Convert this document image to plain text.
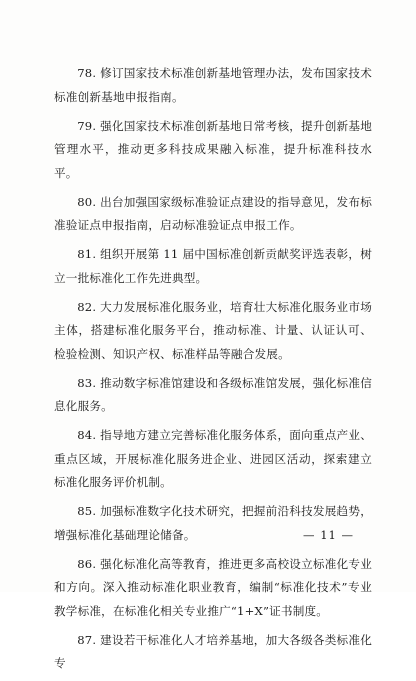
78. 修订国家技术标准创新基地管理办法，发布国家技术标准创新基地申报指南。

79. 强化国家技术标准创新基地日常考核，提升创新基地管理水平，推动更多科技成果融入标准，提升标准科技水平。

80. 出台加强国家级标准验证点建设的指导意见，发布标准验证点申报指南，启动标准验证点申报工作。

81. 组织开展第 11 届中国标准创新贡献奖评选表彰，树立一批标准化工作先进典型。

82. 大力发展标准化服务业，培育壮大标准化服务业市场主体，搭建标准化服务平台，推动标准、计量、认证认可、检验检测、知识产权、标准样品等融合发展。

83. 推动数字标准馆建设和各级标准馆发展，强化标准信息化服务。

84. 指导地方建立完善标准化服务体系，面向重点产业、重点区域，开展标准化服务进企业、进园区活动，探索建立标准化服务评价机制。

85. 加强标准数字化技术研究，把握前沿科技发展趋势，增强标准化基础理论储备。

86. 强化标准化高等教育，推进更多高校设立标准化专业和方向。深入推动标准化职业教育，编制“标准化技术”专业教学标准，在标准化相关专业推广“1+X”证书制度。

87. 建设若干标准化人才培养基地，加大各级各类标准化专

— 11 —
